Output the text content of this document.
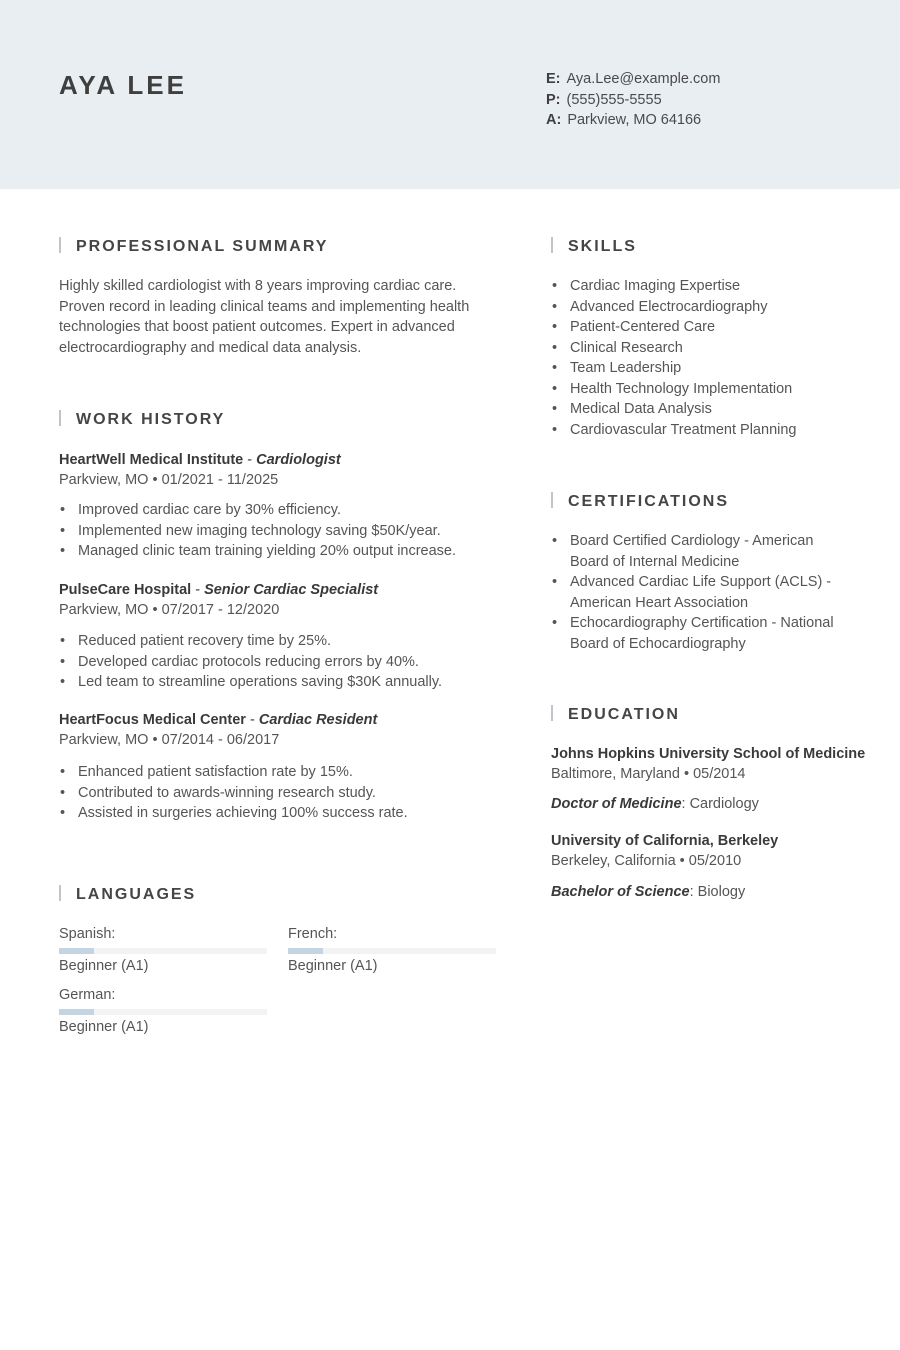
AYA LEE	E: Aya.Lee@example.com
P: (555)555-5555
A: Parkview, MO 64166
PROFESSIONAL SUMMARY
Highly skilled cardiologist with 8 years improving cardiac care.
Proven record in leading clinical teams and implementing health
technologies that boost patient outcomes. Expert in advanced
electrocardiography and medical data analysis.
WORK HISTORY
HeartWell Medical Institute - Cardiologist
Parkview, MO • 01/2021 - 11/2025
• Improved cardiac care by 30% efficiency.
• Implemented new imaging technology saving $50K/year.
• Managed clinic team training yielding 20% output increase.
PulseCare Hospital - Senior Cardiac Specialist
Parkview, MO • 07/2017 - 12/2020
• Reduced patient recovery time by 25%.
• Developed cardiac protocols reducing errors by 40%.
• Led team to streamline operations saving $30K annually.
HeartFocus Medical Center - Cardiac Resident
Parkview, MO • 07/2014 - 06/2017
• Enhanced patient satisfaction rate by 15%.
• Contributed to awards-winning research study.
• Assisted in surgeries achieving 100% success rate.
LANGUAGES
Spanish:
Beginner (A1)
French:
Beginner (A1)
German:
Beginner (A1)
SKILLS
• Cardiac Imaging Expertise
• Advanced Electrocardiography
• Patient-Centered Care
• Clinical Research
• Team Leadership
• Health Technology Implementation
• Medical Data Analysis
• Cardiovascular Treatment Planning
CERTIFICATIONS
• Board Certified Cardiology - American
Board of Internal Medicine
• Advanced Cardiac Life Support (ACLS) -
American Heart Association
• Echocardiography Certification - National
Board of Echocardiography
EDUCATION
Johns Hopkins University School of Medicine
Baltimore, Maryland • 05/2014
Doctor of Medicine: Cardiology
University of California, Berkeley
Berkeley, California • 05/2010
Bachelor of Science: Biology
